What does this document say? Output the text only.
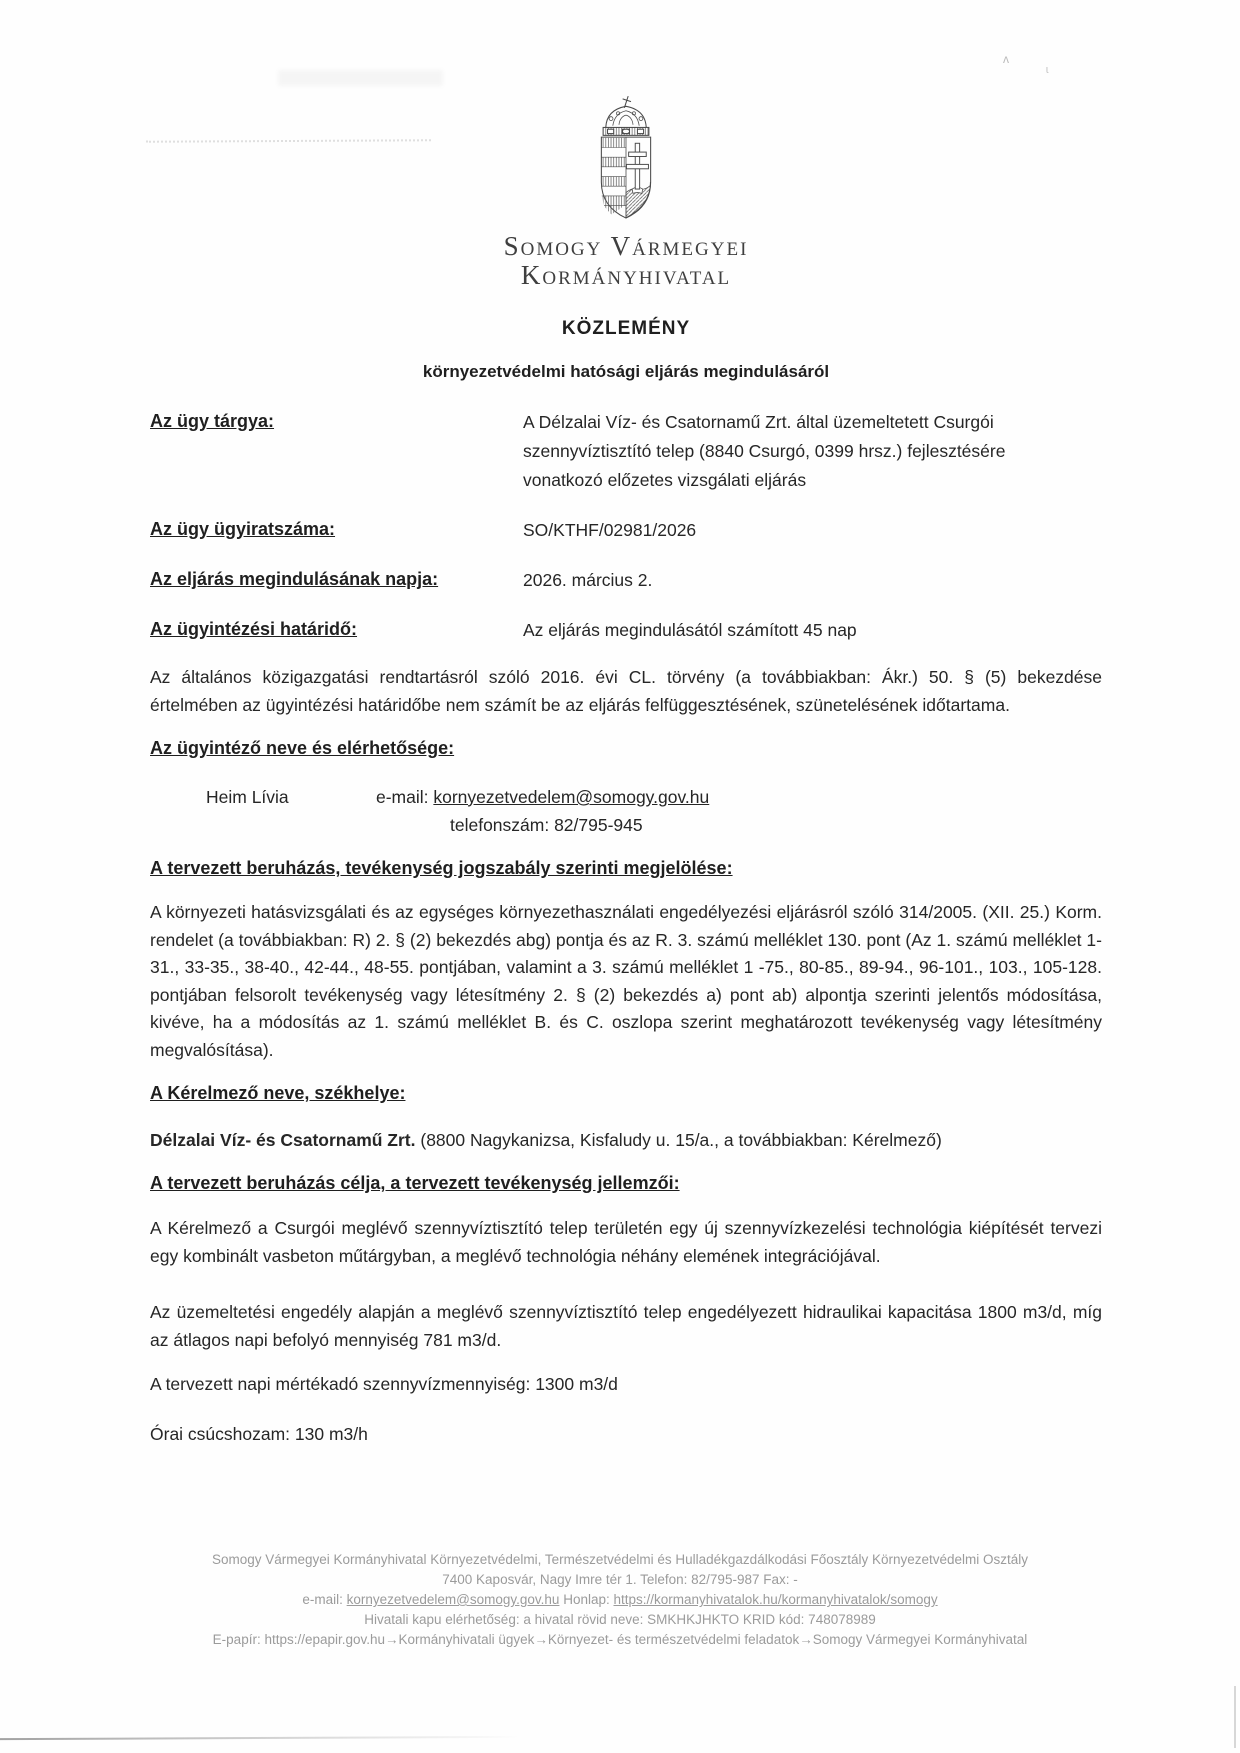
ʌ
ɩ
Somogy Vármegyei
Kormányhivatal
KÖZLEMÉNY
környezetvédelmi hatósági eljárás megindulásáról
Az ügy tárgya:	A Délzalai Víz- és Csatornamű Zrt. által üzemeltetett Csurgói
szennyvíztisztító telep (8840 Csurgó, 0399 hrsz.) fejlesztésére
vonatkozó előzetes vizsgálati eljárás
Az ügy ügyiratszáma:	SO/KTHF/02981/2026
Az eljárás megindulásának napja:	2026. március 2.
Az ügyintézési határidő:	Az eljárás megindulásától számított 45 nap
Az általános közigazgatási rendtartásról szóló 2016. évi CL. törvény (a továbbiakban: Ákr.) 50. § (5) bekezdése értelmében az ügyintézési határidőbe nem számít be az eljárás felfüggesztésének, szünetelésének időtartama.
Az ügyintéző neve és elérhetősége:
Heim Lívia	e-mail: kornyezetvedelem@somogy.gov.hu
telefonszám: 82/795-945
A tervezett beruházás, tevékenység jogszabály szerinti megjelölése:
A környezeti hatásvizsgálati és az egységes környezethasználati engedélyezési eljárásról szóló 314/2005. (XII. 25.) Korm. rendelet (a továbbiakban: R) 2. § (2) bekezdés abg) pontja és az R. 3. számú melléklet 130. pont (Az 1. számú melléklet 1-31., 33-35., 38-40., 42-44., 48-55. pontjában, valamint a 3. számú melléklet 1 -75., 80-85., 89-94., 96-101., 103., 105-128. pontjában felsorolt tevékenység vagy létesítmény 2. § (2) bekezdés a) pont ab) alpontja szerinti jelentős módosítása, kivéve, ha a módosítás az 1. számú melléklet B. és C. oszlopa szerint meghatározott tevékenység vagy létesítmény megvalósítása).
A Kérelmező neve, székhelye:
Délzalai Víz- és Csatornamű Zrt. (8800 Nagykanizsa, Kisfaludy u. 15/a., a továbbiakban: Kérelmező)
A tervezett beruházás célja, a tervezett tevékenység jellemzői:
A Kérelmező a Csurgói meglévő szennyvíztisztító telep területén egy új szennyvízkezelési technológia kiépítését tervezi egy kombinált vasbeton műtárgyban, a meglévő technológia néhány elemének integrációjával.
Az üzemeltetési engedély alapján a meglévő szennyvíztisztító telep engedélyezett hidraulikai kapacitása 1800 m3/d, míg az átlagos napi befolyó mennyiség 781 m3/d.
A tervezett napi mértékadó szennyvízmennyiség: 1300 m3/d
Órai csúcshozam: 130 m3/h
Somogy Vármegyei Kormányhivatal Környezetvédelmi, Természetvédelmi és Hulladékgazdálkodási Főosztály Környezetvédelmi Osztály
7400 Kaposvár, Nagy Imre tér 1. Telefon: 82/795-987 Fax: -
e-mail: kornyezetvedelem@somogy.gov.hu Honlap: https://kormanyhivatalok.hu/kormanyhivatalok/somogy
Hivatali kapu elérhetőség: a hivatal rövid neve: SMKHKJHKTO KRID kód: 748078989
E-papír: https://epapir.gov.hu→Kormányhivatali ügyek→Környezet- és természetvédelmi feladatok→Somogy Vármegyei Kormányhivatal
